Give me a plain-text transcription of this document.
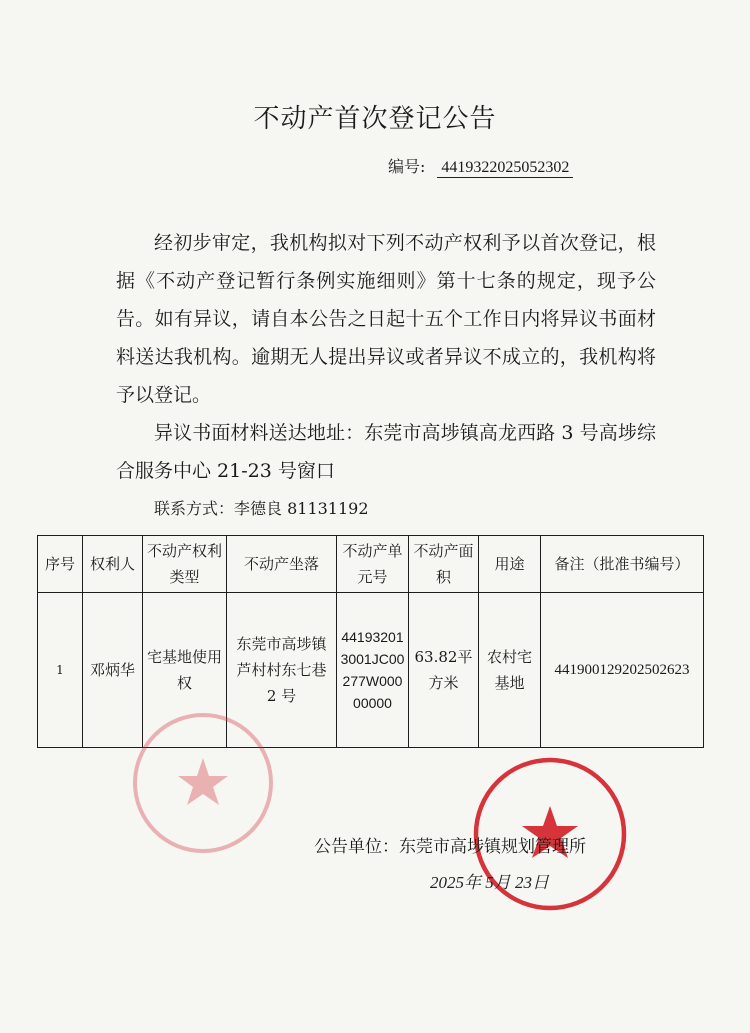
不动产首次登记公告
编号: 4419322025052302

经初步审定，我机构拟对下列不动产权利予以首次登记，根据《不动产登记暂行条例实施细则》第十七条的规定，现予公告。如有异议，请自本公告之日起十五个工作日内将异议书面材料送达我机构。逾期无人提出异议或者异议不成立的，我机构将予以登记。

异议书面材料送达地址：东莞市高埗镇高龙西路 3 号高埗综合服务中心 21-23 号窗口

联系方式：李德良 81131192

序号	权利人	不动产权利类型	不动产坐落	不动产单元号	不动产面积	用途	备注（批准书编号）
1	邓炳华	宅基地使用权	东莞市高埗镇芦村村东七巷 2 号	441932013001JC00277W00000000	63.82平方米	农村宅基地	441900129202502623
公告单位：东莞市高埗镇规划管理所
2025年 5月 23日
